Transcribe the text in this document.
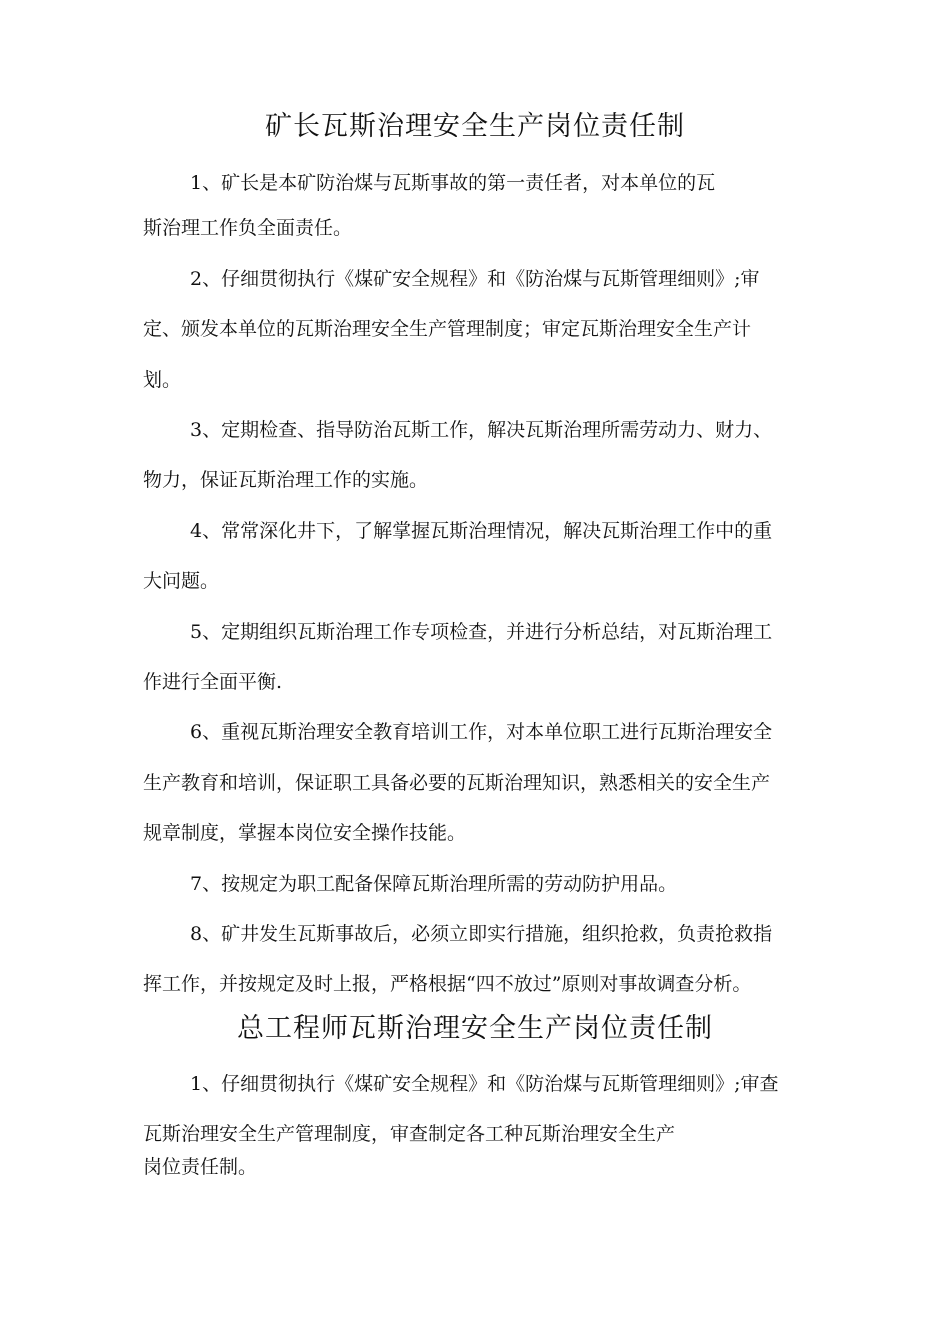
矿长瓦斯治理安全生产岗位责任制
1、矿长是本矿防治煤与瓦斯事故的第一责任者，对本单位的瓦
斯治理工作负全面责任。
2、仔细贯彻执行《煤矿安全规程》和《防治煤与瓦斯管理细则》;审
定、颁发本单位的瓦斯治理安全生产管理制度；审定瓦斯治理安全生产计
划。
3、定期检查、指导防治瓦斯工作，解决瓦斯治理所需劳动力、财力、
物力，保证瓦斯治理工作的实施。
4、常常深化井下，了解掌握瓦斯治理情况，解决瓦斯治理工作中的重
大问题。
5、定期组织瓦斯治理工作专项检查，并进行分析总结，对瓦斯治理工
作进行全面平衡.
6、重视瓦斯治理安全教育培训工作，对本单位职工进行瓦斯治理安全
生产教育和培训，保证职工具备必要的瓦斯治理知识，熟悉相关的安全生产
规章制度，掌握本岗位安全操作技能。
7、按规定为职工配备保障瓦斯治理所需的劳动防护用品。
8、矿井发生瓦斯事故后，必须立即实行措施，组织抢救，负责抢救指
挥工作，并按规定及时上报，严格根据“四不放过”原则对事故调查分析。
总工程师瓦斯治理安全生产岗位责任制
1、仔细贯彻执行《煤矿安全规程》和《防治煤与瓦斯管理细则》;审查
瓦斯治理安全生产管理制度，审查制定各工种瓦斯治理安全生产
岗位责任制。
